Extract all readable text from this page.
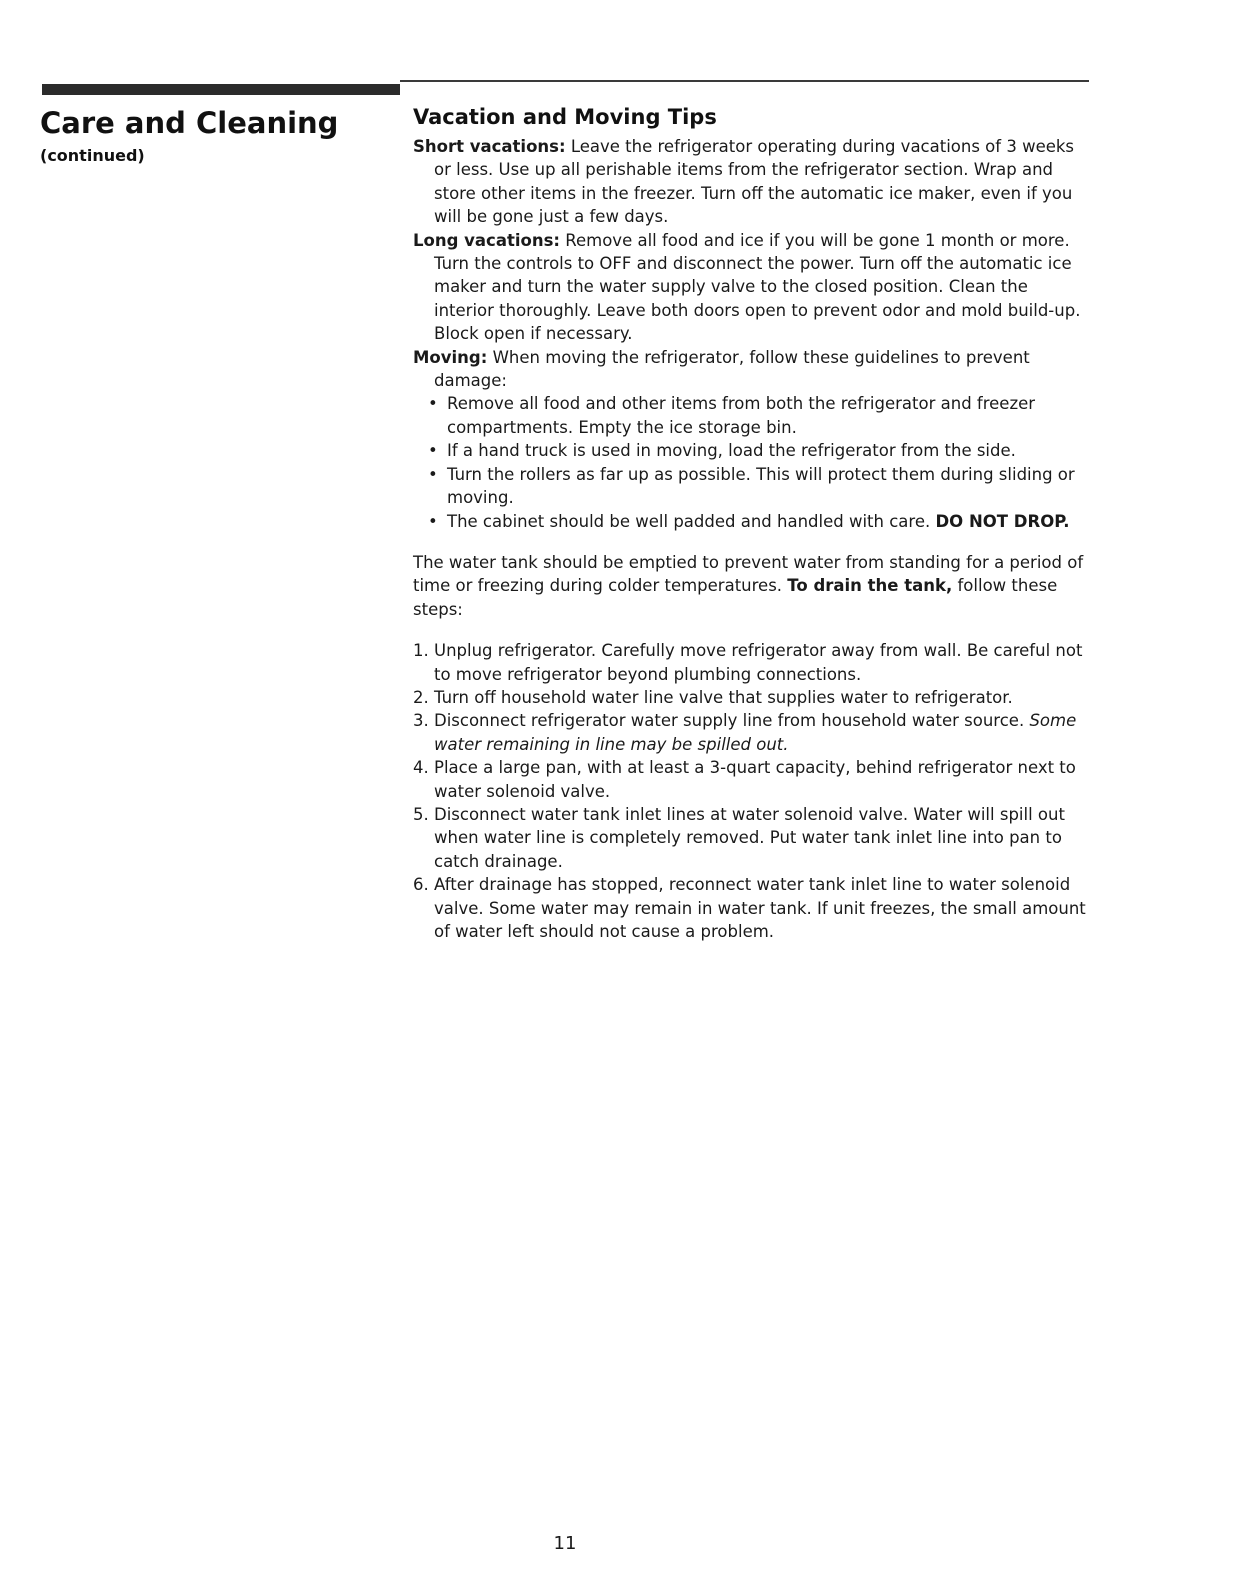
Care and Cleaning
(continued)
Vacation and Moving Tips

Short vacations: Leave the refrigerator operating during vacations of 3 weeks or less. Use up all perishable items from the refrigerator section. Wrap and store other items in the freezer. Turn off the automatic ice maker, even if you will be gone just a few days.

Long vacations: Remove all food and ice if you will be gone 1 month or more. Turn the controls to OFF and disconnect the power. Turn off the automatic ice maker and turn the water supply valve to the closed position. Clean the interior thoroughly. Leave both doors open to prevent odor and mold build-up. Block open if necessary.

Moving: When moving the refrigerator, follow these guidelines to prevent damage:

• Remove all food and other items from both the refrigerator and freezer compartments. Empty the ice storage bin.
• If a hand truck is used in moving, load the refrigerator from the side.
• Turn the rollers as far up as possible. This will protect them during sliding or moving.
• The cabinet should be well padded and handled with care. DO NOT DROP.

The water tank should be emptied to prevent water from standing for a period of time or freezing during colder temperatures. To drain the tank, follow these steps:

1. Unplug refrigerator. Carefully move refrigerator away from wall. Be careful not to move refrigerator beyond plumbing connections.
2. Turn off household water line valve that supplies water to refrigerator.
3. Disconnect refrigerator water supply line from household water source. Some water remaining in line may be spilled out.
4. Place a large pan, with at least a 3-quart capacity, behind refrigerator next to water solenoid valve.
5. Disconnect water tank inlet lines at water solenoid valve. Water will spill out when water line is completely removed. Put water tank inlet line into pan to catch drainage.
6. After drainage has stopped, reconnect water tank inlet line to water solenoid valve. Some water may remain in water tank. If unit freezes, the small amount of water left should not cause a problem.
11
